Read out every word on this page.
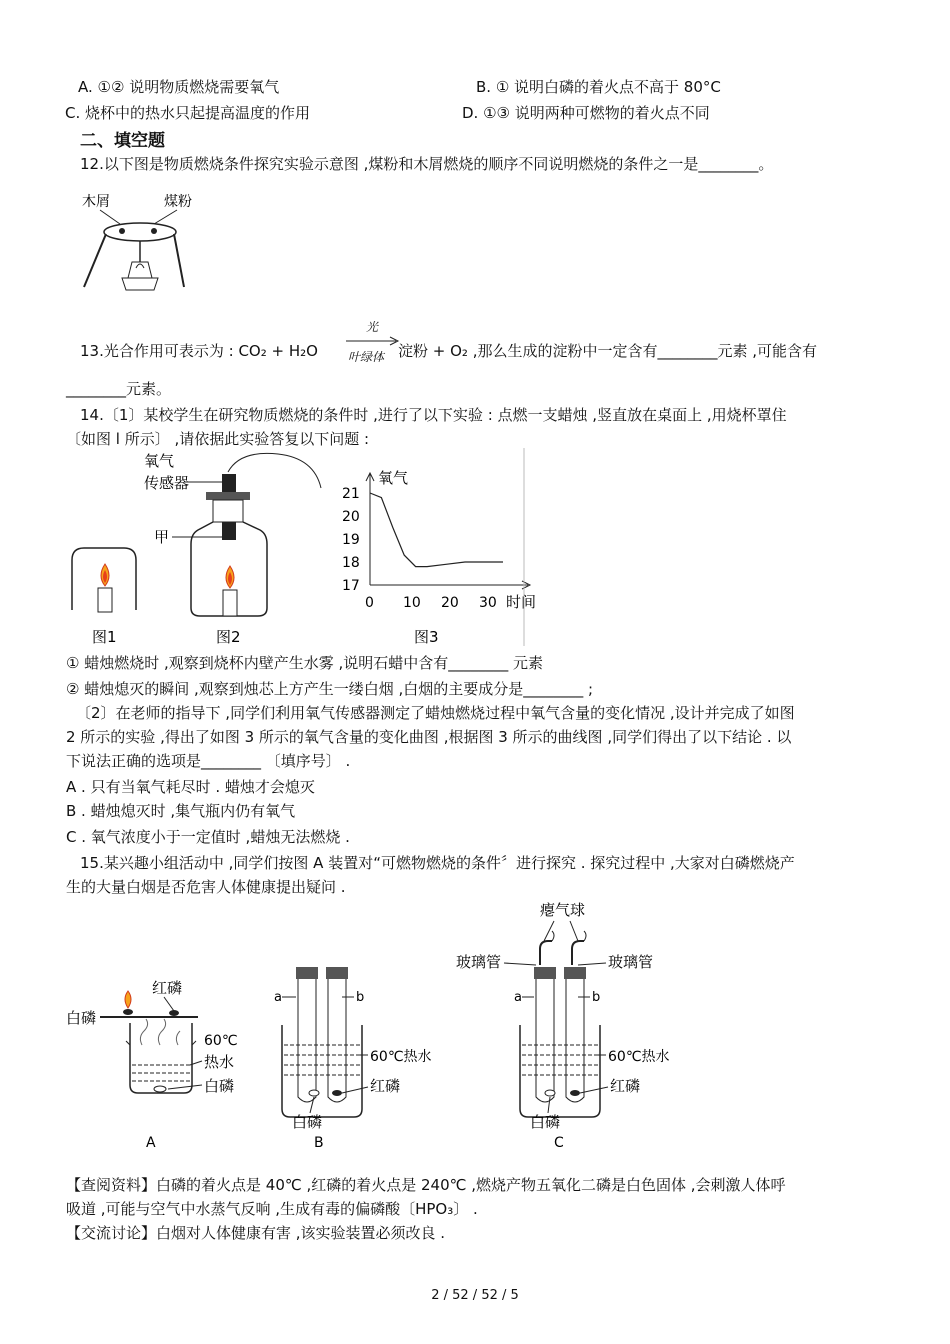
A. ①② 说明物质燃烧需要氧气	B. ① 说明白磷的着火点不高于 80°C
C. 烧杯中的热水只起提高温度的作用	D. ①③ 说明两种可燃物的着火点不同
二、填空题
12.以下图是物质燃烧条件探究实验示意图 ,煤粉和木屑燃烧的顺序不同说明燃烧的条件之一是________。
木屑	煤粉
13.光合作用可表示为 : CO₂ + H₂O
光
叶绿体 淀粉 + O₂ ,那么生成的淀粉中一定含有________元素 ,可能含有
________元素。
14.〔1〕某校学生在研究物质燃烧的条件时 ,进行了以下实验 : 点燃一支蜡烛 ,竖直放在桌面上 ,用烧杯罩住
〔如图 l 所示〕 ,请依据此实验答复以下问题 :
图1
氧气
传感器
甲
图2
17
18
19
20
21
0 10 20 30
氧气
时间
图3
① 蜡烛燃烧时 ,观察到烧杯内壁产生水雾 ,说明石蜡中含有________ 元素
② 蜡烛熄灭的瞬间 ,观察到烛芯上方产生一缕白烟 ,白烟的主要成分是________ ;
〔2〕在老师的指导下 ,同学们利用氧气传感器测定了蜡烛燃烧过程中氧气含量的变化情况 ,设计并完成了如图
2 所示的实验 ,得出了如图 3 所示的氧气含量的变化曲图 ,根据图 3 所示的曲线图 ,同学们得出了以下结论 . 以
下说法正确的选项是________ 〔填序号〕 .
A . 只有当氧气耗尽时 . 蜡烛才会熄灭
B . 蜡烛熄灭时 ,集气瓶内仍有氧气
C . 氧气浓度小于一定值时 ,蜡烛无法燃烧 .
15.某兴趣小组活动中 ,同学们按图 A 装置对“可燃物燃烧的条件〞进行探究 . 探究过程中 ,大家对白磷燃烧产
生的大量白烟是否危害人体健康提出疑问 .
白磷
红磷
60℃
热水
白磷
A
a	b
60℃热水
红磷
白磷
B
瘪气球
玻璃管	玻璃管
a	b
60℃热水
红磷
白磷
C
【查阅资料】白磷的着火点是 40℃ ,红磷的着火点是 240℃ ,燃烧产物五氧化二磷是白色固体 ,会刺激人体呼
吸道 ,可能与空气中水蒸气反响 ,生成有毒的偏磷酸〔HPO₃〕 .
【交流讨论】白烟对人体健康有害 ,该实验装置必须改良 .
2 / 52 / 52 / 5
